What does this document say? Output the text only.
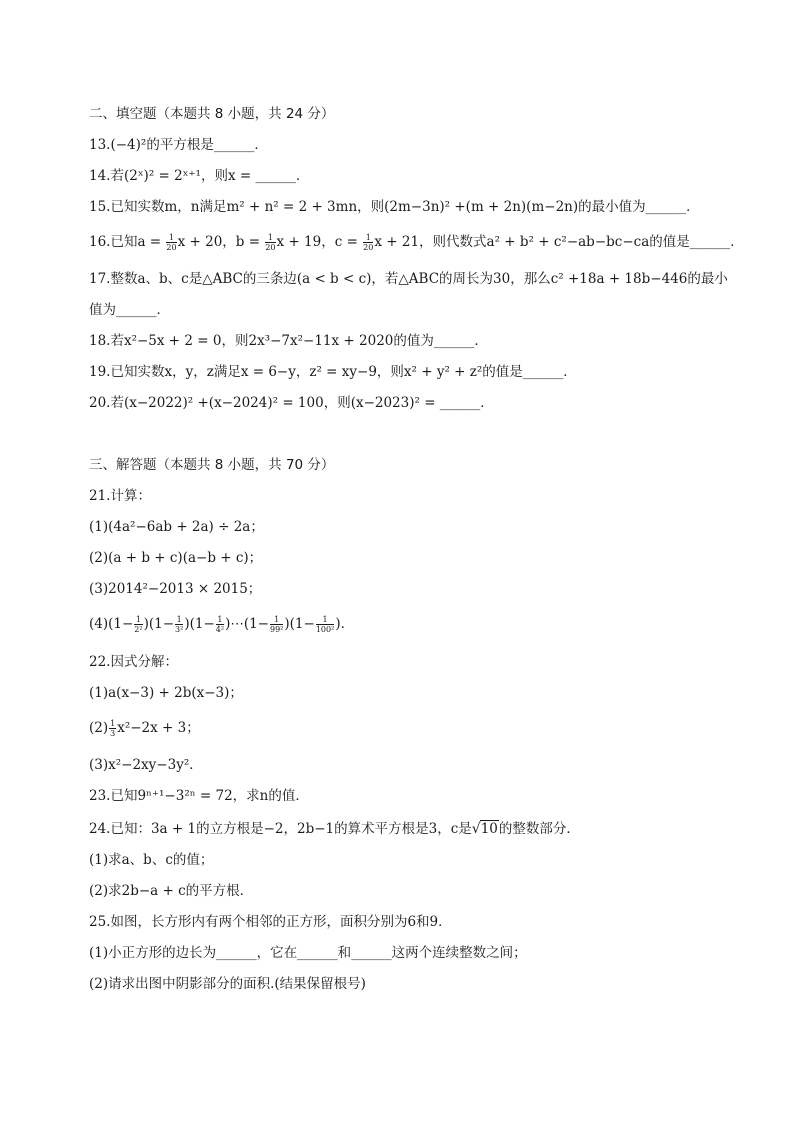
二、填空题（本题共 8 小题，共 24 分）
13.(−4)²的平方根是______．
14.若(2ˣ)² = 2ˣ⁺¹，则x = ______．
15.已知实数m，n满足m² + n² = 2 + 3mn，则(2m−3n)² +(m + 2n)(m−2n)的最小值为______．
16.已知$a = \frac{1}{20}$ x + 20，$b = \frac{1}{20}$ x + 19，$c = \frac{1}{20}$ x + 21，则代数式a² + b² + c²−ab−bc−ca的值是______．
17.整数a、b、c是△ABC的三条边(a < b < c)，若△ABC的周长为30，那么c² +18a + 18b−446的最小
值为______．
18.若x²−5x + 2 = 0，则2x³−7x²−11x + 2020的值为______．
19.已知实数x，y，z满足x = 6−y，z² = xy−9，则x² + y² + z²的值是______．
20.若(x−2022)² +(x−2024)² = 100，则(x−2023)² = ______．
三、解答题（本题共 8 小题，共 70 分）
21.计算：
(1)(4a²−6ab + 2a) ÷ 2a；
(2)(a + b + c)(a−b + c)；
(3)2014²−2013 × 2015；
$(4)(1- \frac{1}{\text{2²}} )(1- \frac{1}{\text{3²}} )(1- \frac{1}{\text{4²}}$ )⋯(1− $\frac{1}{\text{99²}} )(1- \frac{1}{\text{100²}}$ )．
22.因式分解：
(1)a(x−3) + 2b(x−3)；
$(2) \frac{1}{3} x^2-2x + 3$；
(3)x²−2xy−3y²．
23.已知9ⁿ⁺¹−3²ⁿ = 72，求n的值．
24.已知：3a + 1的立方根是−2，2b−1的算术平方根是3，c是√10的整数部分．
(1)求a、b、c的值；
(2)求2b−a + c的平方根．
25.如图，长方形内有两个相邻的正方形，面积分别为6和9．
(1)小正方形的边长为______，它在______和______这两个连续整数之间；
(2)请求出图中阴影部分的面积.(结果保留根号)
